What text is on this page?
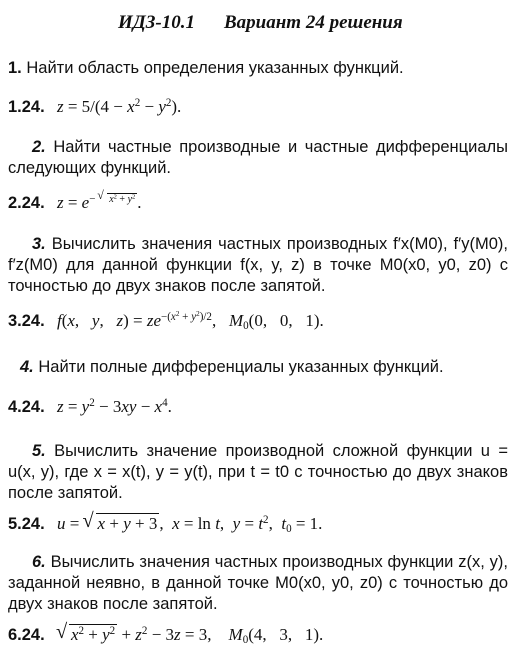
ИДЗ-10.1 Вариант 24 решения
1. Найти область определения указанных функций.
1.24. $z = 5/(4 - x^2 - y^2)$.
2. Найти частные производные и частные дифференциалы следующих функций.
2.24. $z = e^{- √ x^2 + y^2}$ .
3. Вычислить значения частных производных f′x(M0), f′y(M0), f′z(M0) для данной функции f(x, y, z) в точке M0(x0, y0, z0) с точностью до двух знаков после запятой.
3.24. f(x,   y,   $z) = ze^{-(x^2 + y^2)/2}$,   $M_0(0$,   0,   1).
4. Найти полные дифференциалы указанных функций.
4.24. $z = y^2 - 3xy - x^4$.
5. Вычислить значение производной сложной функции u = u(x, y), где x = x(t), y = y(t), при t = t0 с точностью до двух знаков после запятой.
5.24. u = √ x + y + 3 ,  x = ln t,  $y = t^2$,  $t_0 = 1$.
6. Вычислить значения частных производных функции z(x, y), заданной неявно, в данной точке M0(x0, y0, z0) с точностью до двух знаков после запятой.
6.24. √ $x^2 + y^2 + z^2 - 3z = 3$,    $M_0(4$,   3,   1).
